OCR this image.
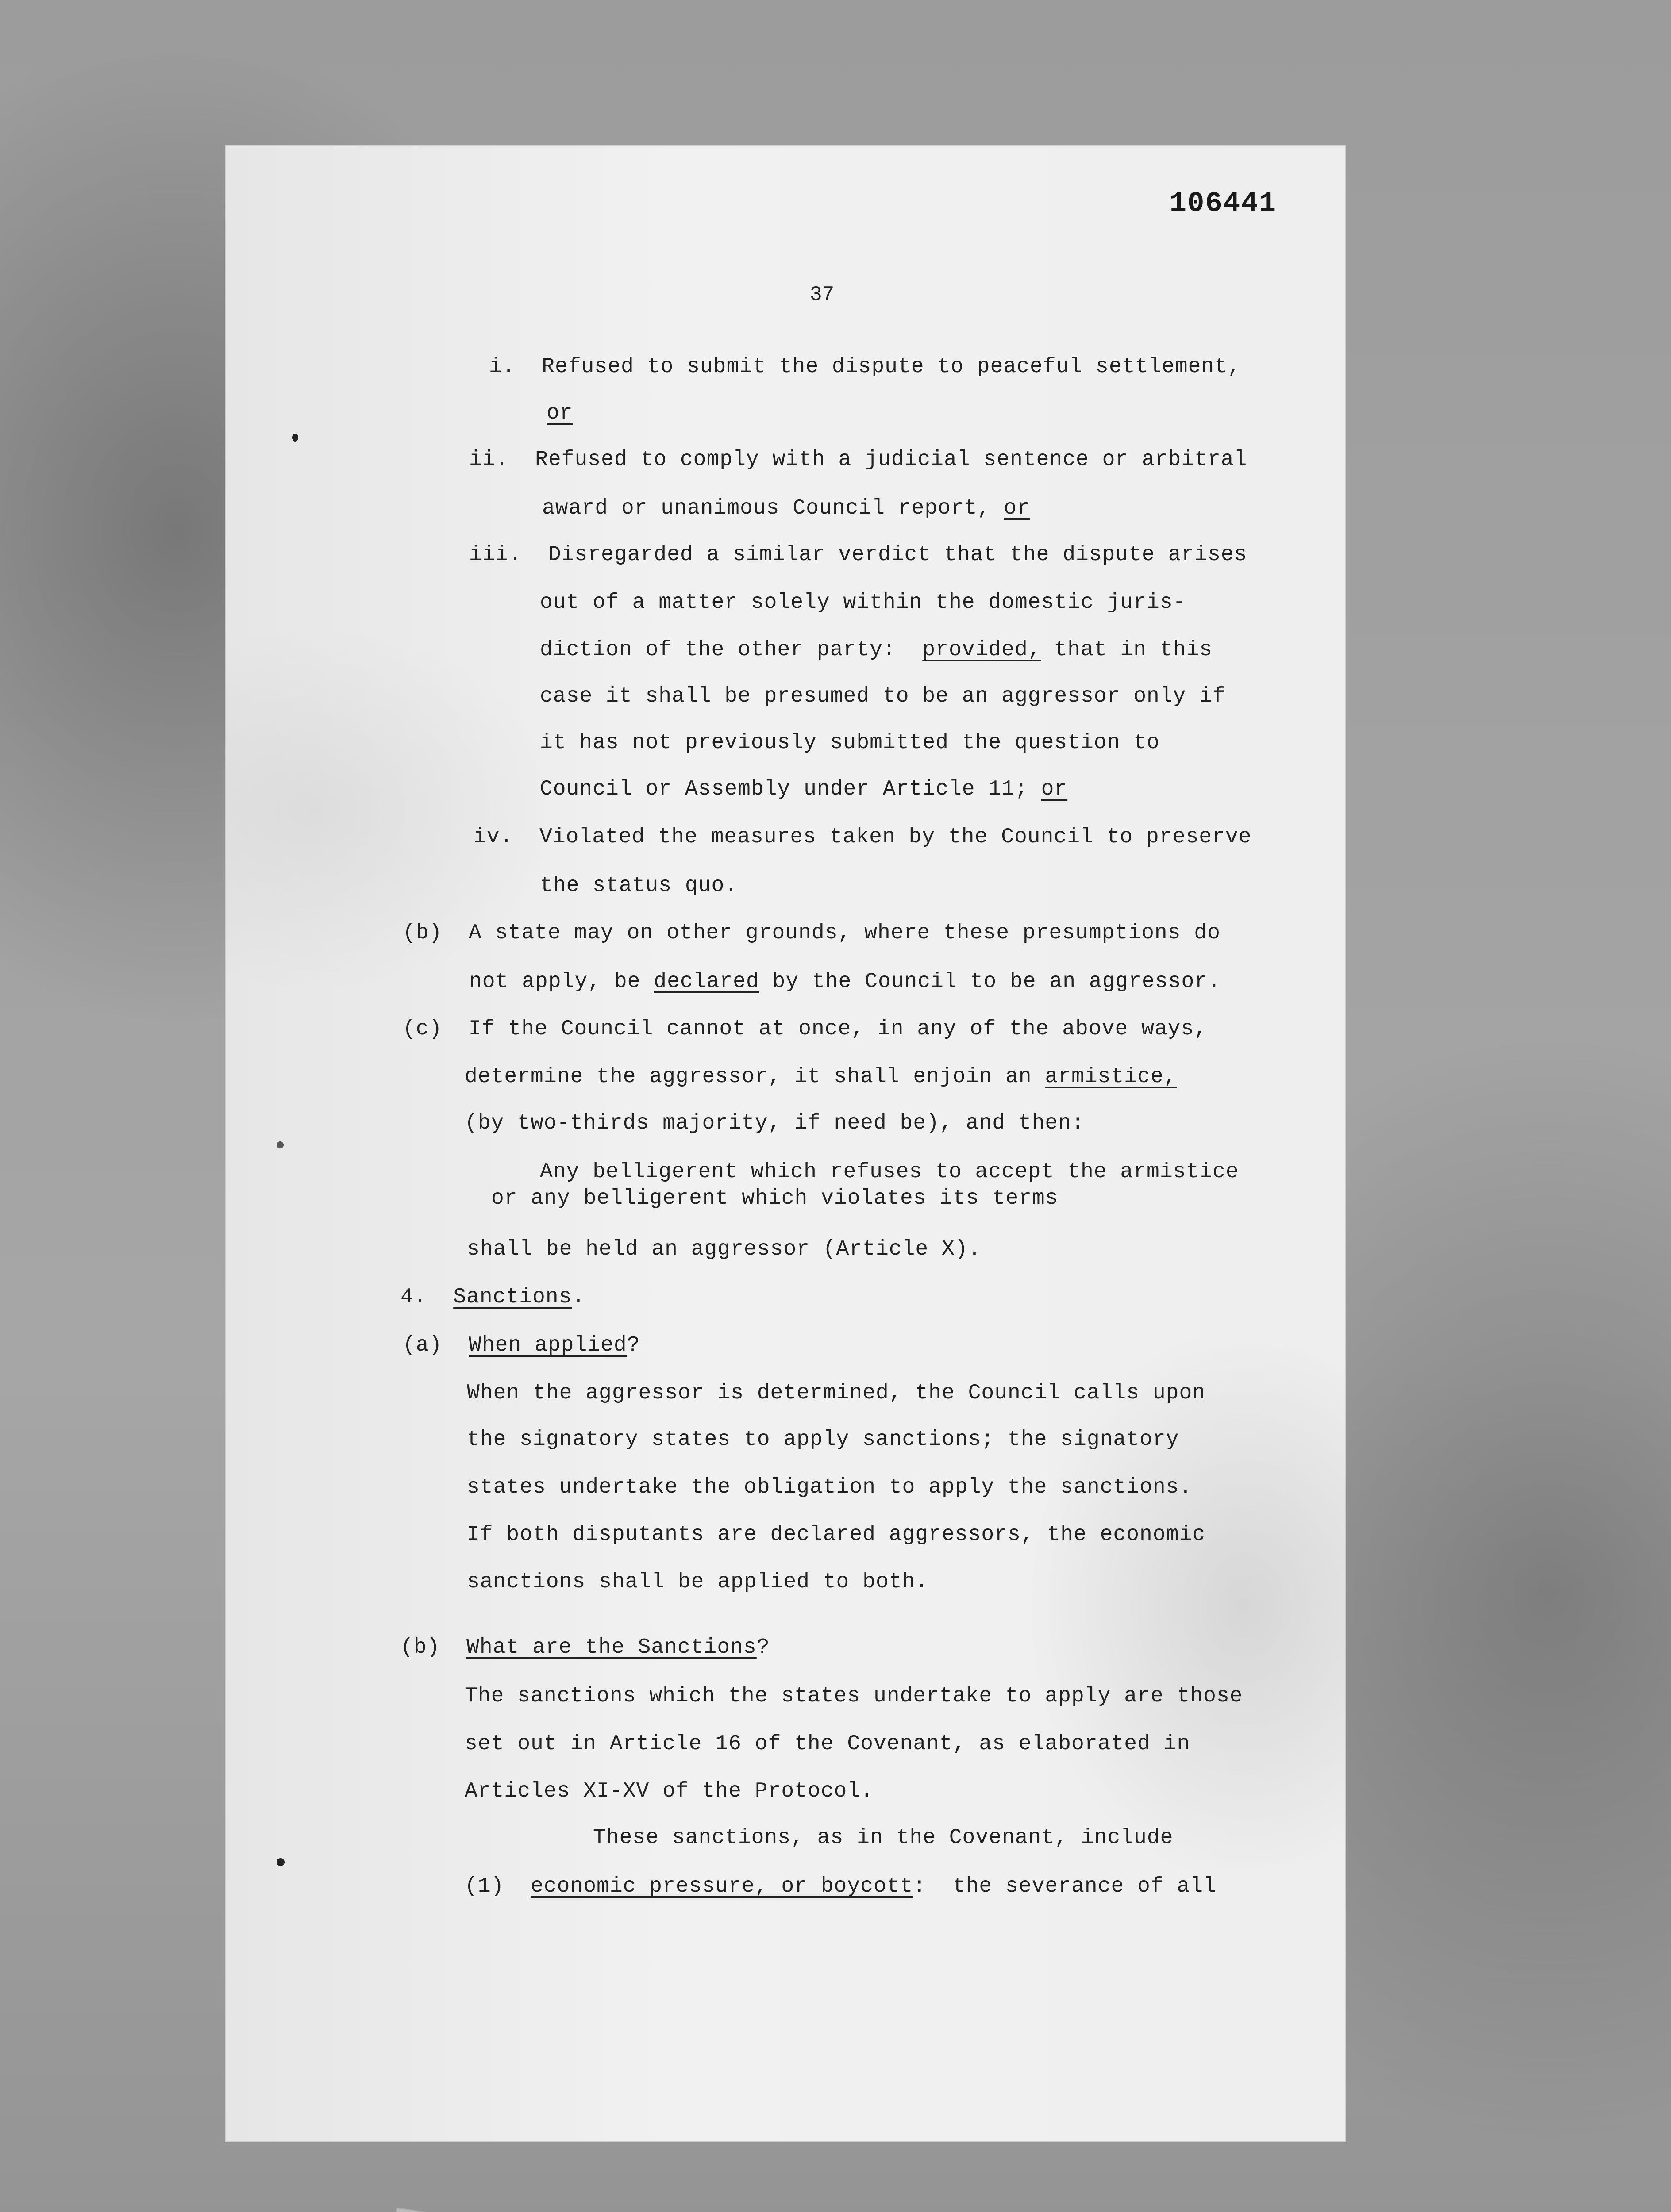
106441
37
i.  Refused to submit the dispute to peaceful settlement,
or
ii.  Refused to comply with a judicial sentence or arbitral
award or unanimous Council report, or
iii.  Disregarded a similar verdict that the dispute arises
out of a matter solely within the domestic juris-
diction of the other party:  provided, that in this
case it shall be presumed to be an aggressor only if
it has not previously submitted the question to
Council or Assembly under Article 11; or
iv.  Violated the measures taken by the Council to preserve
the status quo.
(b)  A state may on other grounds, where these presumptions do
not apply, be declared by the Council to be an aggressor.
(c)  If the Council cannot at once, in any of the above ways,
determine the aggressor, it shall enjoin an armistice,
(by two-thirds majority, if need be), and then:
Any belligerent which refuses to accept the armistice
or any belligerent which violates its terms
shall be held an aggressor (Article X).
4.  Sanctions.
(a)  When applied?
When the aggressor is determined, the Council calls upon
the signatory states to apply sanctions; the signatory
states undertake the obligation to apply the sanctions.
If both disputants are declared aggressors, the economic
sanctions shall be applied to both.
(b)  What are the Sanctions?
The sanctions which the states undertake to apply are those
set out in Article 16 of the Covenant, as elaborated in
Articles XI-XV of the Protocol.
These sanctions, as in the Covenant, include
(1)  economic pressure, or boycott:  the severance of all
